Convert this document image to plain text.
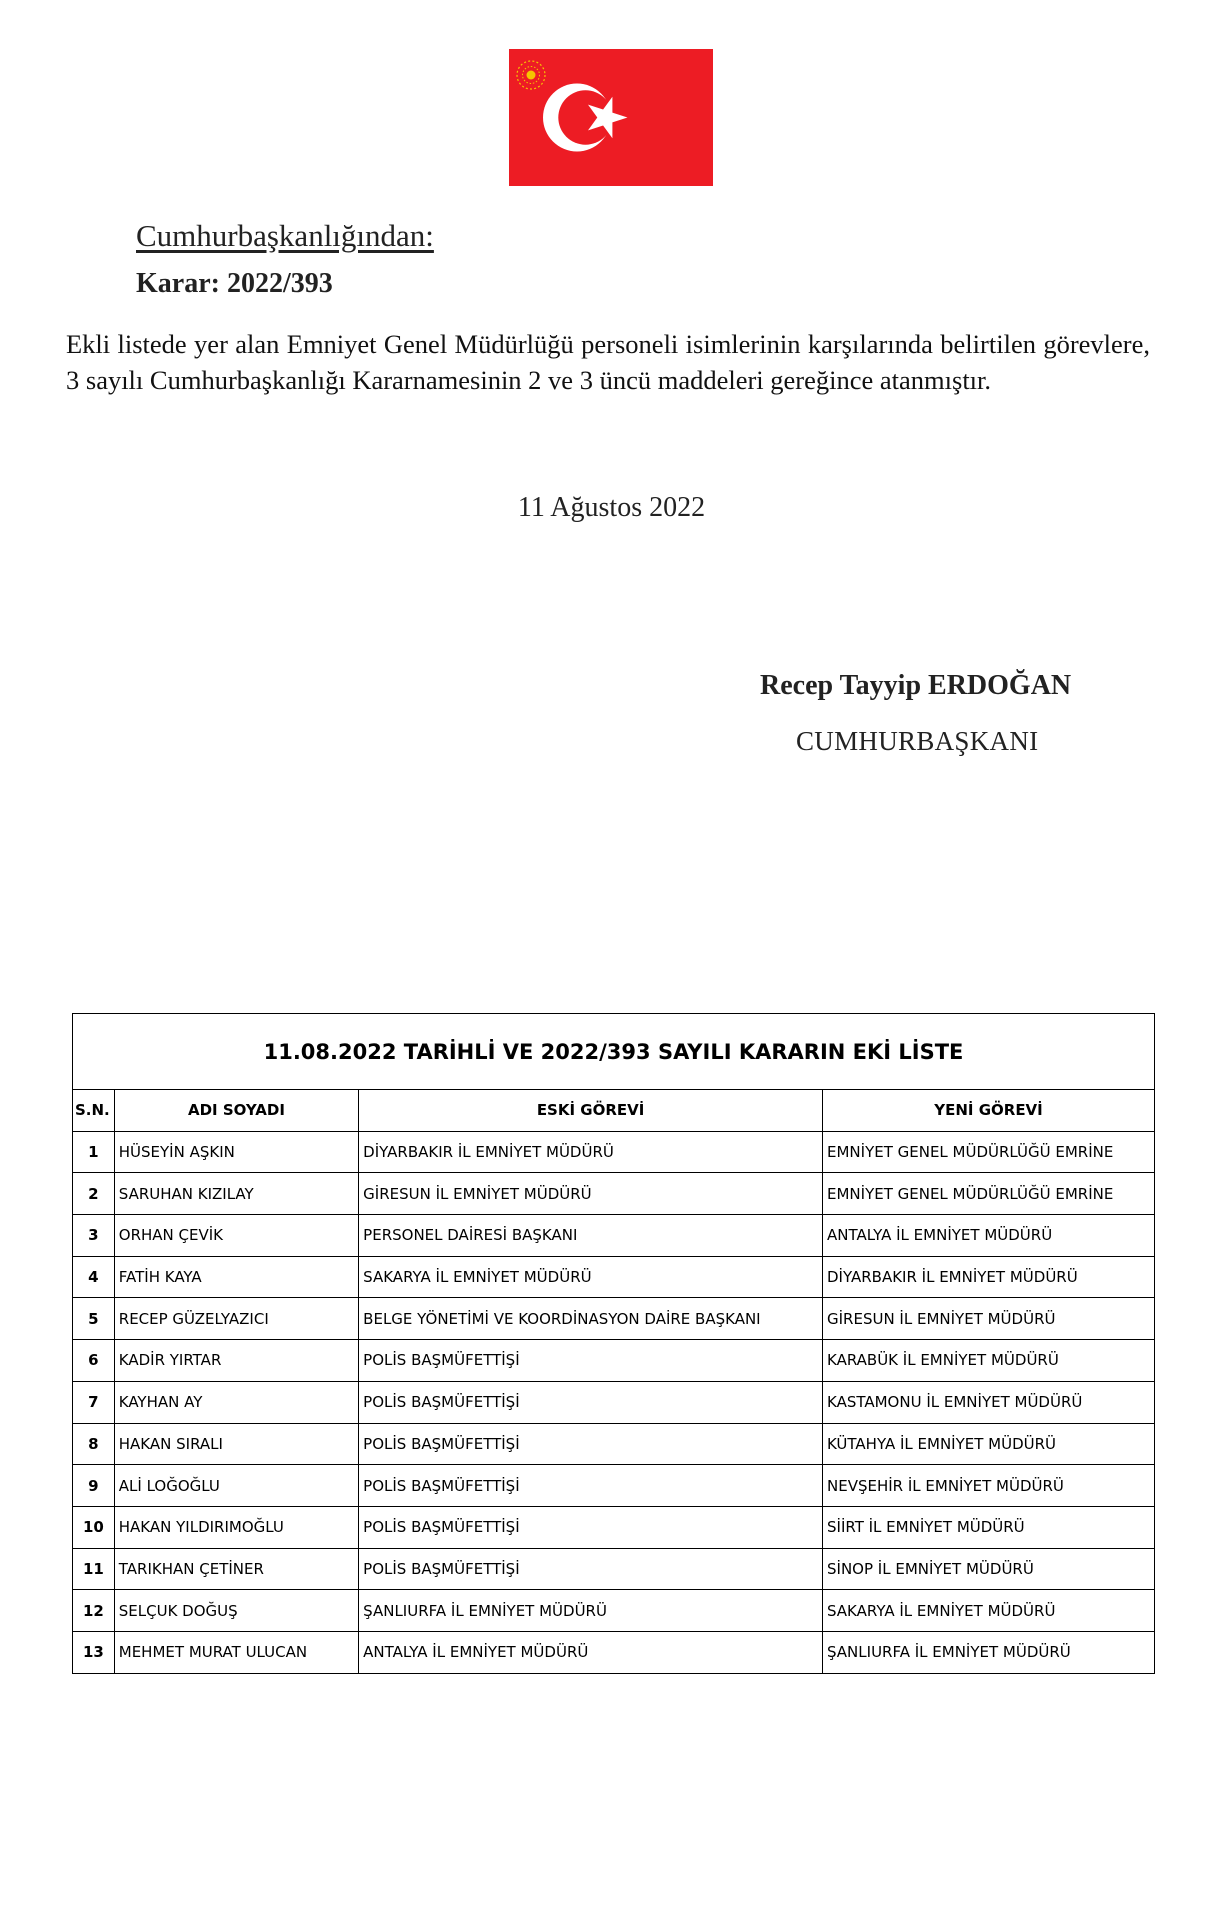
Cumhurbaşkanlığından:
Karar: 2022/393
Ekli listede yer alan Emniyet Genel Müdürlüğü personeli isimlerinin karşılarında belirtilen görevlere, 3 sayılı Cumhurbaşkanlığı Kararnamesinin 2 ve 3 üncü maddeleri gereğince atanmıştır.
11 Ağustos 2022
Recep Tayyip ERDOĞAN
CUMHURBAŞKANI
11.08.2022 TARİHLİ VE 2022/393 SAYILI KARARIN EKİ LİSTE			
S.N.	ADI SOYADI	ESKİ GÖREVİ	YENİ GÖREVİ
1	HÜSEYİN AŞKIN	DİYARBAKIR İL EMNİYET MÜDÜRÜ	EMNİYET GENEL MÜDÜRLÜĞÜ EMRİNE
2	SARUHAN KIZILAY	GİRESUN İL EMNİYET MÜDÜRÜ	EMNİYET GENEL MÜDÜRLÜĞÜ EMRİNE
3	ORHAN ÇEVİK	PERSONEL DAİRESİ BAŞKANI	ANTALYA İL EMNİYET MÜDÜRÜ
4	FATİH KAYA	SAKARYA İL EMNİYET MÜDÜRÜ	DİYARBAKIR İL EMNİYET MÜDÜRÜ
5	RECEP GÜZELYAZICI	BELGE YÖNETİMİ VE KOORDİNASYON DAİRE BAŞKANI	GİRESUN İL EMNİYET MÜDÜRÜ
6	KADİR YIRTAR	POLİS BAŞMÜFETTİŞİ	KARABÜK İL EMNİYET MÜDÜRÜ
7	KAYHAN AY	POLİS BAŞMÜFETTİŞİ	KASTAMONU İL EMNİYET MÜDÜRÜ
8	HAKAN SIRALI	POLİS BAŞMÜFETTİŞİ	KÜTAHYA İL EMNİYET MÜDÜRÜ
9	ALİ LOĞOĞLU	POLİS BAŞMÜFETTİŞİ	NEVŞEHİR İL EMNİYET MÜDÜRÜ
10	HAKAN YILDIRIMOĞLU	POLİS BAŞMÜFETTİŞİ	SİİRT İL EMNİYET MÜDÜRÜ
11	TARIKHAN ÇETİNER	POLİS BAŞMÜFETTİŞİ	SİNOP İL EMNİYET MÜDÜRÜ
12	SELÇUK DOĞUŞ	ŞANLIURFA İL EMNİYET MÜDÜRÜ	SAKARYA İL EMNİYET MÜDÜRÜ
13	MEHMET MURAT ULUCAN	ANTALYA İL EMNİYET MÜDÜRÜ	ŞANLIURFA İL EMNİYET MÜDÜRÜ
